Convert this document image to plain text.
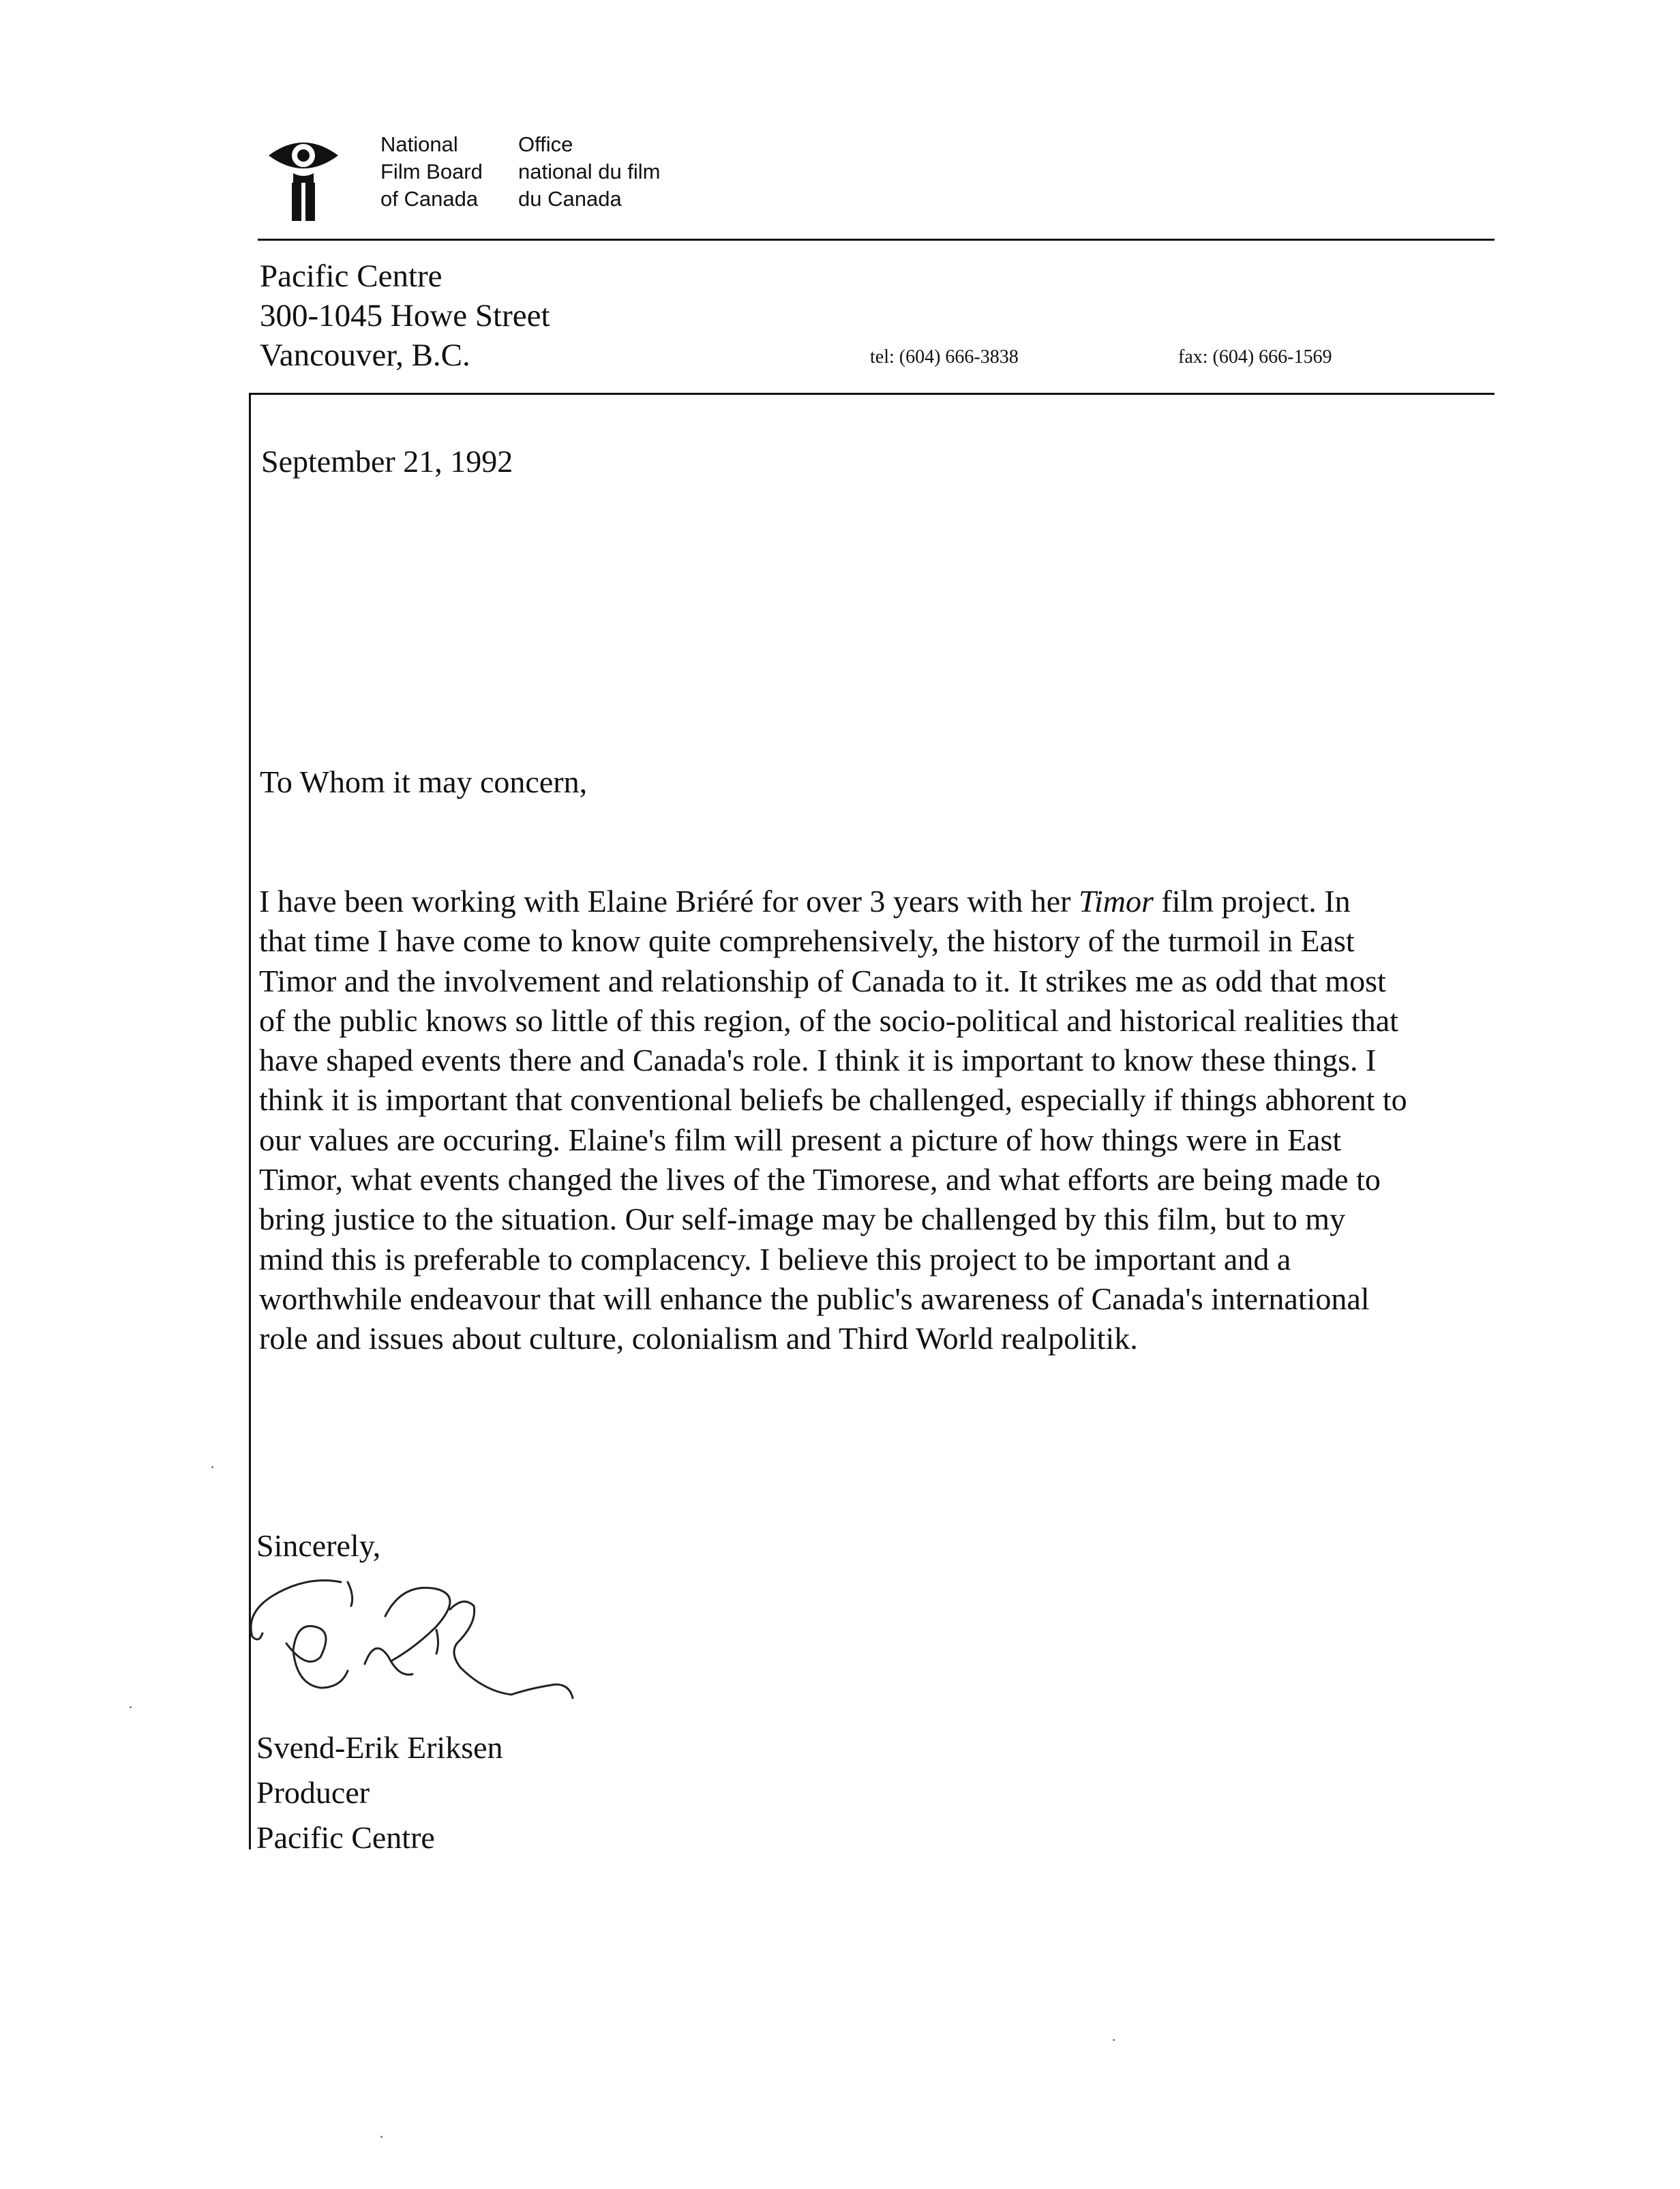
National
Film Board
of Canada
Office
national du film
du Canada
Pacific Centre
300-1045 Howe Street
Vancouver, B.C.	tel: (604) 666-3838	fax: (604) 666-1569
September 21, 1992
To Whom it may concern,
I have been working with Elaine Briéré for over 3 years with her Timor film project. In
that time I have come to know quite comprehensively, the history of the turmoil in East
Timor and the involvement and relationship of Canada to it. It strikes me as odd that most
of the public knows so little of this region, of the socio-political and historical realities that
have shaped events there and Canada's role. I think it is important to know these things. I
think it is important that conventional beliefs be challenged, especially if things abhorent to
our values are occuring. Elaine's film will present a picture of how things were in East
Timor, what events changed the lives of the Timorese, and what efforts are being made to
bring justice to the situation. Our self-image may be challenged by this film, but to my
mind this is preferable to complacency. I believe this project to be important and a
worthwhile endeavour that will enhance the public's awareness of Canada's international
role and issues about culture, colonialism and Third World realpolitik.
Sincerely,
Svend-Erik Eriksen
Producer
Pacific Centre
